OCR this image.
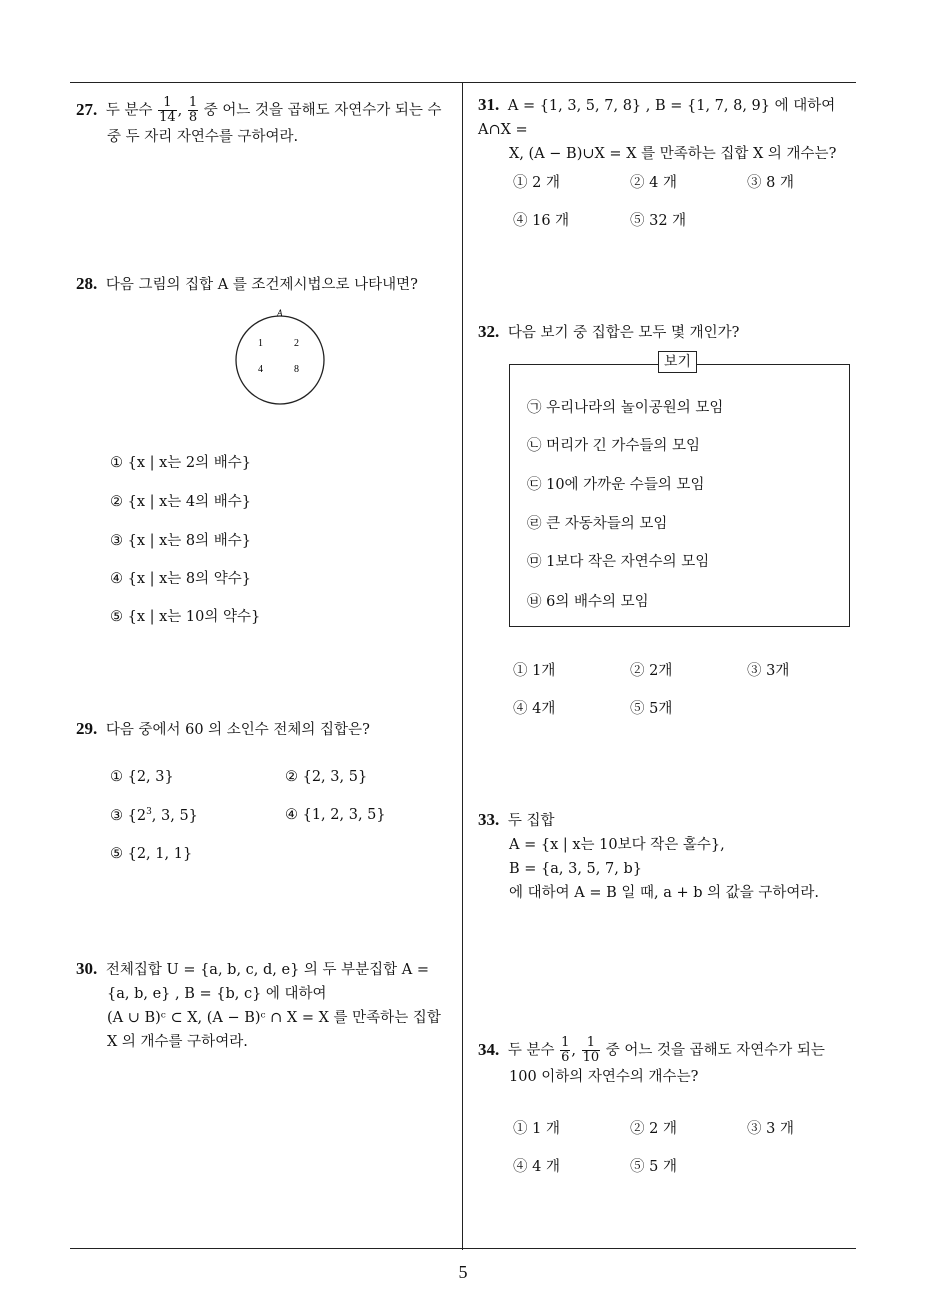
27. 두 분수 $\frac{1}{14}$ , $\frac{1}{8}$ 중 어느 것을 곱해도 자연수가 되는 수
중 두 자리 자연수를 구하여라.
28. 다음 그림의 집합 A 를 조건제시법으로 나타내면?
A
1	2
4	8
① {x | x는 2의 배수}
② {x | x는 4의 배수}
③ {x | x는 8의 배수}
④ {x | x는 8의 약수}
⑤ {x | x는 10의 약수}
29. 다음 중에서 60 의 소인수 전체의 집합은?
① {2, 3}	② {2, 3, 5}
③ {$2^3$, 3, 5}	④ {1, 2, 3, 5}
⑤ {2, 1, 1}
30. 전체집합 U = {a, b, c, d, e} 의 두 부분집합 A =
{a, b, e} , B = {b, c} 에 대하여
(A ∪ B)ᶜ ⊂ X, (A − B)ᶜ ∩ X = X 를 만족하는 집합
X 의 개수를 구하여라.
31. A = {1, 3, 5, 7, 8} , B = {1, 7, 8, 9} 에 대하여 A∩X =
X, (A − B)∪X = X 를 만족하는 집합 X 의 개수는?
① 2 개	② 4 개	③ 8 개
④ 16 개	⑤ 32 개
32. 다음 보기 중 집합은 모두 몇 개인가?
보기
㉠ 우리나라의 놀이공원의 모임
㉡ 머리가 긴 가수들의 모임
㉢ 10에 가까운 수들의 모임
㉣ 큰 자동차들의 모임
㉤ 1보다 작은 자연수의 모임
㉥ 6의 배수의 모임
① 1개	② 2개	③ 3개
④ 4개	⑤ 5개
33. 두 집합
A = {x | x는 10보다 작은 홀수},
B = {a, 3, 5, 7, b}
에 대하여 A = B 일 때, a + b 의 값을 구하여라.
34. 두 분수 $\frac{1}{6}$ , $\frac{1}{10}$ 중 어느 것을 곱해도 자연수가 되는
100 이하의 자연수의 개수는?
① 1 개	② 2 개	③ 3 개
④ 4 개	⑤ 5 개
5
